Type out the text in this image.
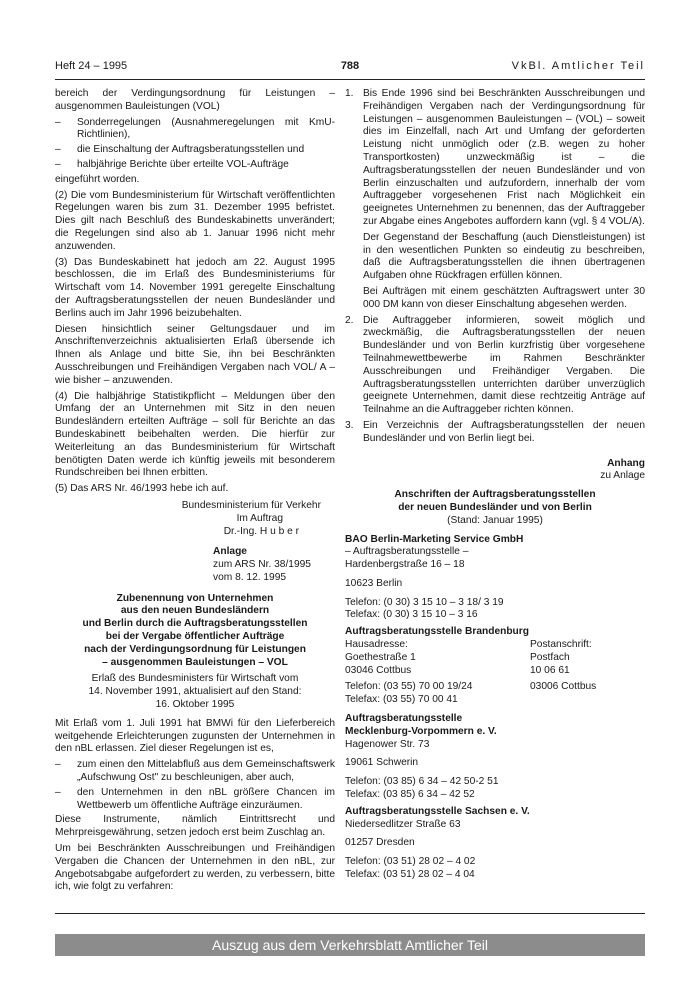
Heft 24 – 1995	788	VkBl. Amtlicher Teil

bereich der Verdingungsordnung für Leistungen – ausgenommen Bauleistungen (VOL)

– Sonderregelungen (Ausnahmeregelungen mit KmU-Richtlinien),
– die Einschaltung der Auftragsberatungsstellen und
– halbjährige Berichte über erteilte VOL-Aufträge

eingeführt worden.

(2) Die vom Bundesministerium für Wirtschaft veröffentlichten Regelungen waren bis zum 31. Dezember 1995 befristet. Dies gilt nach Beschluß des Bundeskabinetts unverändert; die Regelungen sind also ab 1. Januar 1996 nicht mehr anzuwenden.

(3) Das Bundeskabinett hat jedoch am 22. August 1995 beschlossen, die im Erlaß des Bundesministeriums für Wirtschaft vom 14. November 1991 geregelte Einschaltung der Auftragsberatungsstellen der neuen Bundesländer und Berlins auch im Jahr 1996 beizubehalten.

Diesen hinsichtlich seiner Geltungsdauer und im Anschriftenverzeichnis aktualisierten Erlaß übersende ich Ihnen als Anlage und bitte Sie, ihn bei Beschränkten Ausschreibungen und Freihändigen Vergaben nach VOL/ A – wie bisher – anzuwenden.

(4) Die halbjährige Statistikpflicht – Meldungen über den Umfang der an Unternehmen mit Sitz in den neuen Bundesländern erteilten Aufträge – soll für Berichte an das Bundeskabinett beibehalten werden. Die hierfür zur Weiterleitung an das Bundesministerium für Wirtschaft benötigten Daten werde ich künftig jeweils mit besonderem Rundschreiben bei Ihnen erbitten.

(5) Das ARS Nr. 46/1993 hebe ich auf.

Bundesministerium für Verkehr
Im Auftrag
Dr.-Ing. H u b e r
Anlage
zum ARS Nr. 38/1995
vom 8. 12. 1995
Zubenennung von Unternehmen
aus den neuen Bundesländern
und Berlin durch die Auftragsberatungsstellen
bei der Vergabe öffentlicher Aufträge
nach der Verdingungsordnung für Leistungen
– ausgenommen Bauleistungen – VOL
Erlaß des Bundesministers für Wirtschaft vom
14. November 1991, aktualisiert auf den Stand:
16. Oktober 1995

Mit Erlaß vom 1. Juli 1991 hat BMWi für den Lieferbereich weitgehende Erleichterungen zugunsten der Unternehmen in den nBL erlassen. Ziel dieser Regelungen ist es,

– zum einen den Mittelabfluß aus dem Gemeinschaftswerk „Aufschwung Ost" zu beschleunigen, aber auch,
– den Unternehmen in den nBL größere Chancen im Wettbewerb um öffentliche Aufträge einzuräumen.

Diese Instrumente, nämlich Eintrittsrecht und Mehrpreisgewährung, setzen jedoch erst beim Zuschlag an.

Um bei Beschränkten Ausschreibungen und Freihändigen Vergaben die Chancen der Unternehmen in den nBL, zur Angebotsabgabe aufgefordert zu werden, zu verbessern, bitte ich, wie folgt zu verfahren:

1. Bis Ende 1996 sind bei Beschränkten Ausschreibungen und Freihändigen Vergaben nach der Verdingungsordnung für Leistungen – ausgenommen Bauleistungen – (VOL) – soweit dies im Einzelfall, nach Art und Umfang der geforderten Leistung nicht unmöglich oder (z.B. wegen zu hoher Transportkosten) unzweckmäßig ist – die Auftragsberatungsstellen der neuen Bundesländer und von Berlin einzuschalten und aufzufordern, innerhalb der vom Auftraggeber vorgesehenen Frist nach Möglichkeit ein geeignetes Unternehmen zu benennen, das der Auftraggeber zur Abgabe eines Angebotes auffordern kann (vgl. § 4 VOL/A).

Der Gegenstand der Beschaffung (auch Dienstleistungen) ist in den wesentlichen Punkten so eindeutig zu beschreiben, daß die Auftragsberatungsstellen die ihnen übertragenen Aufgaben ohne Rückfragen erfüllen können.

Bei Aufträgen mit einem geschätzten Auftragswert unter 30 000 DM kann von dieser Einschaltung abgesehen werden.

2. Die Auftraggeber informieren, soweit möglich und zweckmäßig, die Auftragsberatungsstellen der neuen Bundesländer und von Berlin kurzfristig über vorgesehene Teilnahmewettbewerbe im Rahmen Beschränkter Ausschreibungen und Freihändiger Vergaben. Die Auftragsberatungsstellen unterrichten darüber unverzüglich geeignete Unternehmen, damit diese rechtzeitig Anträge auf Teilnahme an die Auftraggeber richten können.
3. Ein Verzeichnis der Auftragsberatungsstellen der neuen Bundesländer und von Berlin liegt bei.
Anhang
zu Anlage
Anschriften der Auftragsberatungsstellen
der neuen Bundesländer und von Berlin
(Stand: Januar 1995)
BAO Berlin-Marketing Service GmbH
– Auftragsberatungsstelle –
Hardenbergstraße 16 – 18
10623 Berlin
Telefon: (0 30) 3 15 10 – 3 18/ 3 19
Telefax: (0 30) 3 15 10 – 3 16
Auftragsberatungsstelle Brandenburg
Hausadresse:
Goethestraße 1
03046 Cottbus
Telefon: (03 55) 70 00 19/24
Telefax: (03 55) 70 00 41
Postanschrift:
Postfach
10 06 61
03006 Cottbus
Auftragsberatungsstelle
Mecklenburg-Vorpommern e. V.
Hagenower Str. 73
19061 Schwerin
Telefon: (03 85) 6 34 – 42 50-2 51
Telefax: (03 85) 6 34 – 42 52
Auftragsberatungsstelle Sachsen e. V.
Niedersedlitzer Straße 63
01257 Dresden
Telefon: (03 51) 28 02 – 4 02
Telefax: (03 51) 28 02 – 4 04
Auszug aus dem Verkehrsblatt Amtlicher Teil
